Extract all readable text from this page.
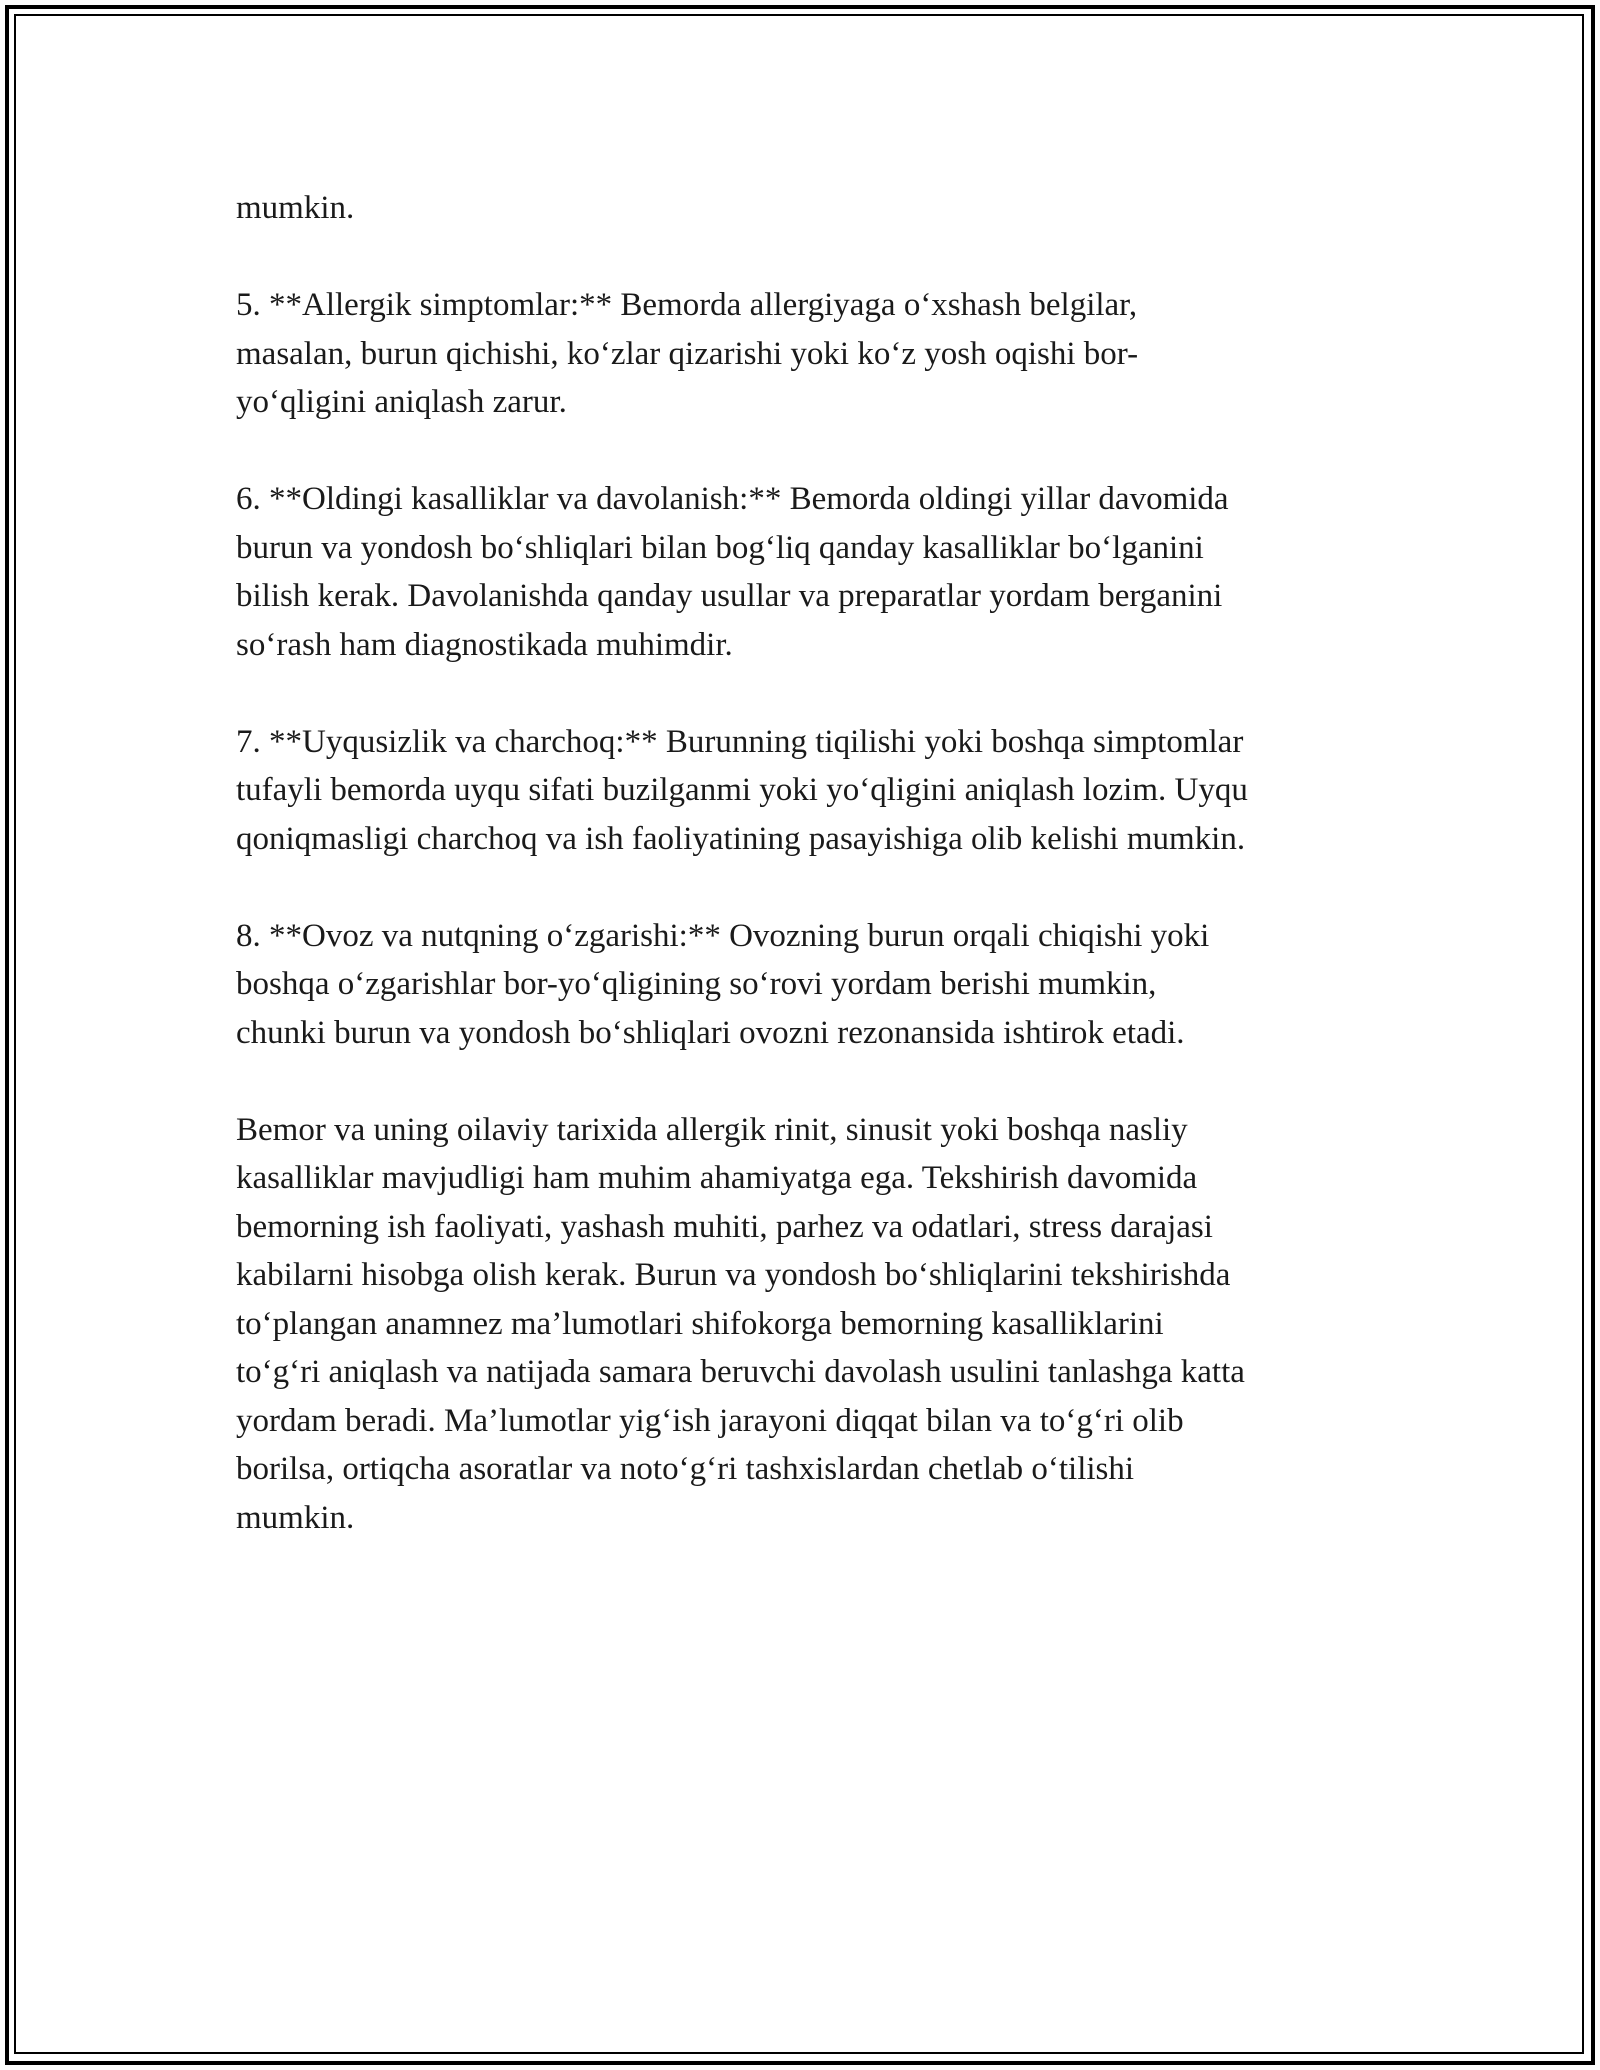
mumkin.

5. **Allergik simptomlar:** Bemorda allergiyaga o‘xshash belgilar,
masalan, burun qichishi, ko‘zlar qizarishi yoki ko‘z yosh oqishi bor-
yo‘qligini aniqlash zarur.

6. **Oldingi kasalliklar va davolanish:** Bemorda oldingi yillar davomida
burun va yondosh bo‘shliqlari bilan bog‘liq qanday kasalliklar bo‘lganini
bilish kerak. Davolanishda qanday usullar va preparatlar yordam berganini
so‘rash ham diagnostikada muhimdir.

7. **Uyqusizlik va charchoq:** Burunning tiqilishi yoki boshqa simptomlar
tufayli bemorda uyqu sifati buzilganmi yoki yo‘qligini aniqlash lozim. Uyqu
qoniqmasligi charchoq va ish faoliyatining pasayishiga olib kelishi mumkin.

8. **Ovoz va nutqning o‘zgarishi:** Ovozning burun orqali chiqishi yoki
boshqa o‘zgarishlar bor-yo‘qligining so‘rovi yordam berishi mumkin,
chunki burun va yondosh bo‘shliqlari ovozni rezonansida ishtirok etadi.

Bemor va uning oilaviy tarixida allergik rinit, sinusit yoki boshqa nasliy
kasalliklar mavjudligi ham muhim ahamiyatga ega. Tekshirish davomida
bemorning ish faoliyati, yashash muhiti, parhez va odatlari, stress darajasi
kabilarni hisobga olish kerak. Burun va yondosh bo‘shliqlarini tekshirishda
to‘plangan anamnez ma’lumotlari shifokorga bemorning kasalliklarini
to‘g‘ri aniqlash va natijada samara beruvchi davolash usulini tanlashga katta
yordam beradi. Ma’lumotlar yig‘ish jarayoni diqqat bilan va to‘g‘ri olib
borilsa, ortiqcha asoratlar va noto‘g‘ri tashxislardan chetlab o‘tilishi
mumkin.
